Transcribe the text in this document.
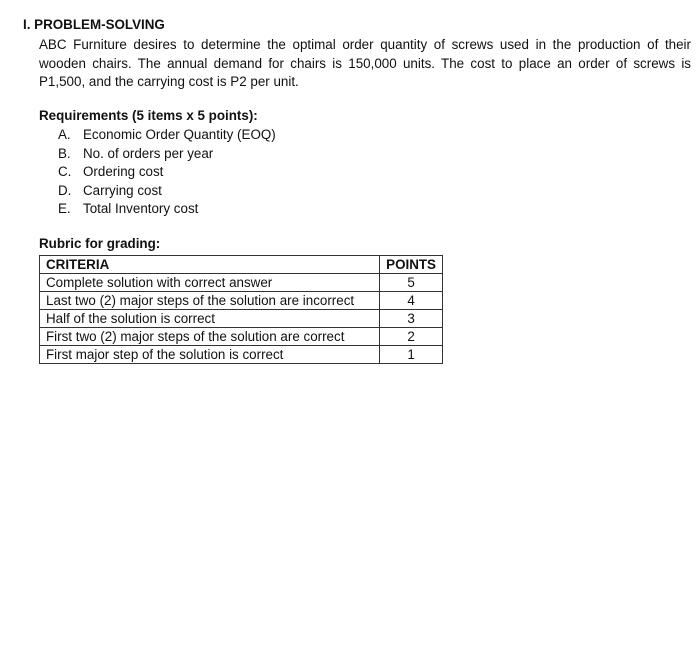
I. PROBLEM-SOLVING
ABC Furniture desires to determine the optimal order quantity of screws used in the production of their wooden chairs. The annual demand for chairs is 150,000 units. The cost to place an order of screws is P1,500, and the carrying cost is P2 per unit.
Requirements (5 items x 5 points):
A. Economic Order Quantity (EOQ)
B. No. of orders per year
C. Ordering cost
D. Carrying cost
E. Total Inventory cost
Rubric for grading:
CRITERIA	POINTS
Complete solution with correct answer	5
Last two (2) major steps of the solution are incorrect	4
Half of the solution is correct	3
First two (2) major steps of the solution are correct	2
First major step of the solution is correct	1
